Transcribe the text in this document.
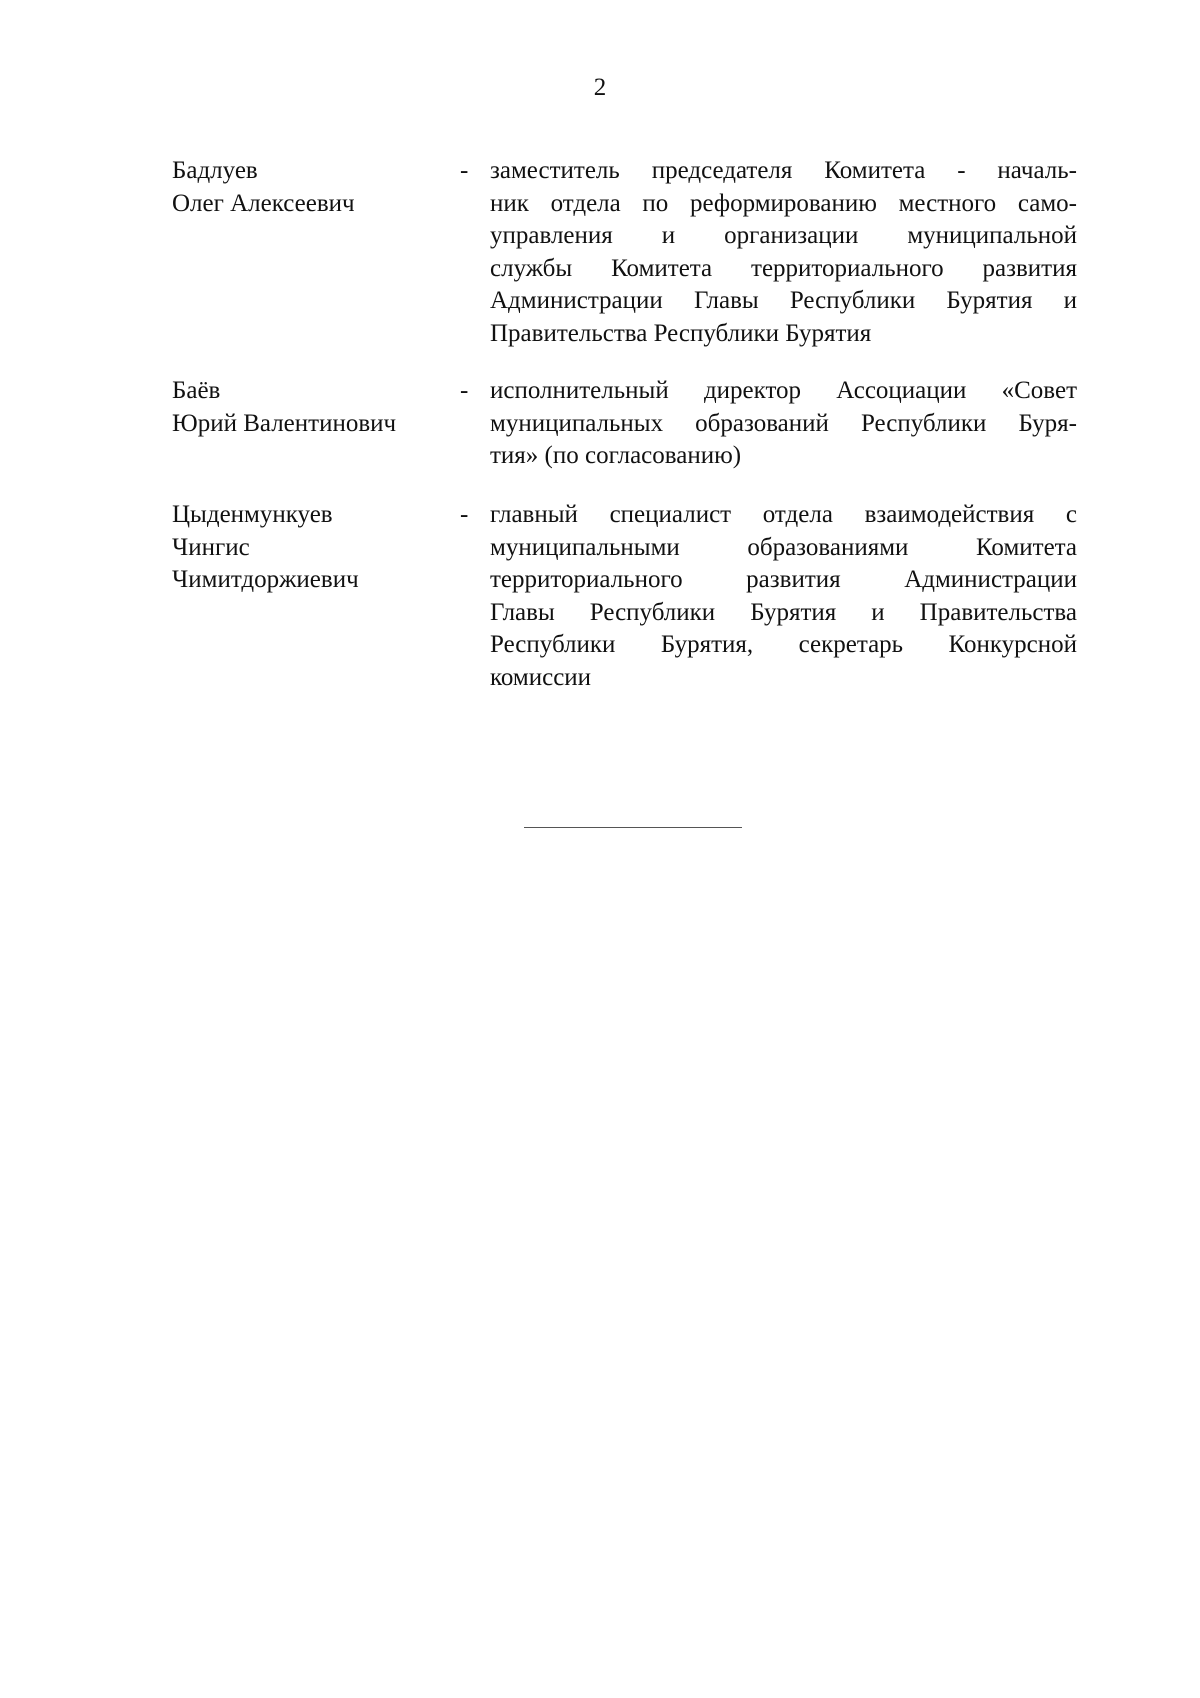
2
Бадлуев
Олег Алексеевич
- заместитель председателя Комитета - началь-
ник отдела по реформированию местного само-
управления и организации муниципальной
службы Комитета территориального развития
Администрации Главы Республики Бурятия и
Правительства Республики Бурятия
Баёв
Юрий Валентинович
- исполнительный директор Ассоциации «Совет
муниципальных образований Республики Буря-
тия» (по согласованию)
Цыденмункуев
Чингис
Чимитдоржиевич
- главный специалист отдела взаимодействия с
муниципальными образованиями Комитета
территориального развития Администрации
Главы Республики Бурятия и Правительства
Республики Бурятия, секретарь Конкурсной
комиссии
